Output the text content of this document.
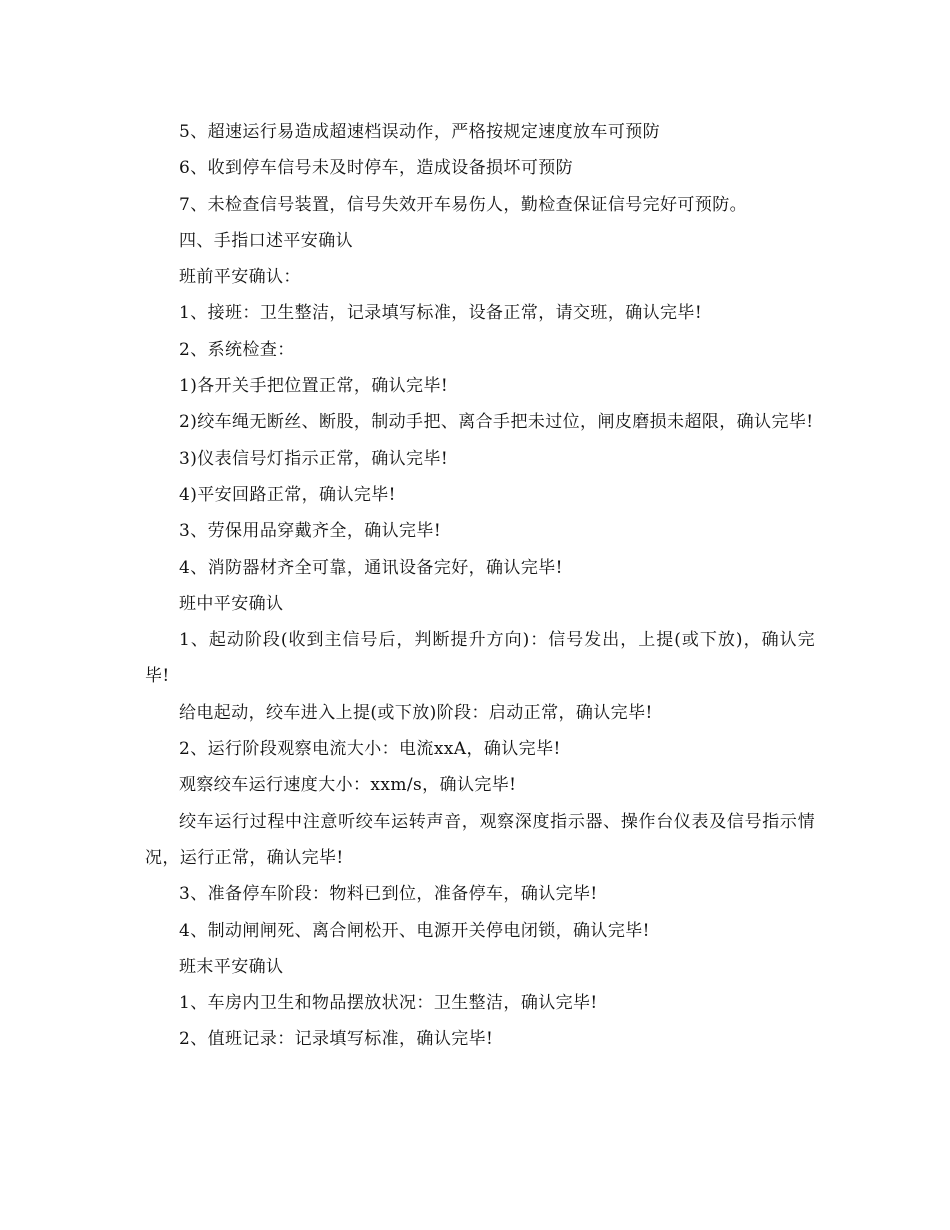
5、超速运行易造成超速档误动作，严格按规定速度放车可预防

6、收到停车信号未及时停车，造成设备损坏可预防

7、未检查信号装置，信号失效开车易伤人，勤检查保证信号完好可预防。

四、手指口述平安确认

班前平安确认：

1、接班：卫生整洁，记录填写标准，设备正常，请交班，确认完毕!

2、系统检查：

1)各开关手把位置正常，确认完毕!

2)绞车绳无断丝、断股，制动手把、离合手把未过位，闸皮磨损未超限，确认完毕!

3)仪表信号灯指示正常，确认完毕!

4)平安回路正常，确认完毕!

3、劳保用品穿戴齐全，确认完毕!

4、消防器材齐全可靠，通讯设备完好，确认完毕!

班中平安确认

1、起动阶段(收到主信号后，判断提升方向)：信号发出，上提(或下放)，确认完毕!

给电起动，绞车进入上提(或下放)阶段：启动正常，确认完毕!

2、运行阶段观察电流大小：电流xxA，确认完毕!

观察绞车运行速度大小：xxm/s，确认完毕!

绞车运行过程中注意听绞车运转声音，观察深度指示器、操作台仪表及信号指示情况，运行正常，确认完毕!

3、准备停车阶段：物料已到位，准备停车，确认完毕!

4、制动闸闸死、离合闸松开、电源开关停电闭锁，确认完毕!

班末平安确认

1、车房内卫生和物品摆放状况：卫生整洁，确认完毕!

2、值班记录：记录填写标准，确认完毕!
